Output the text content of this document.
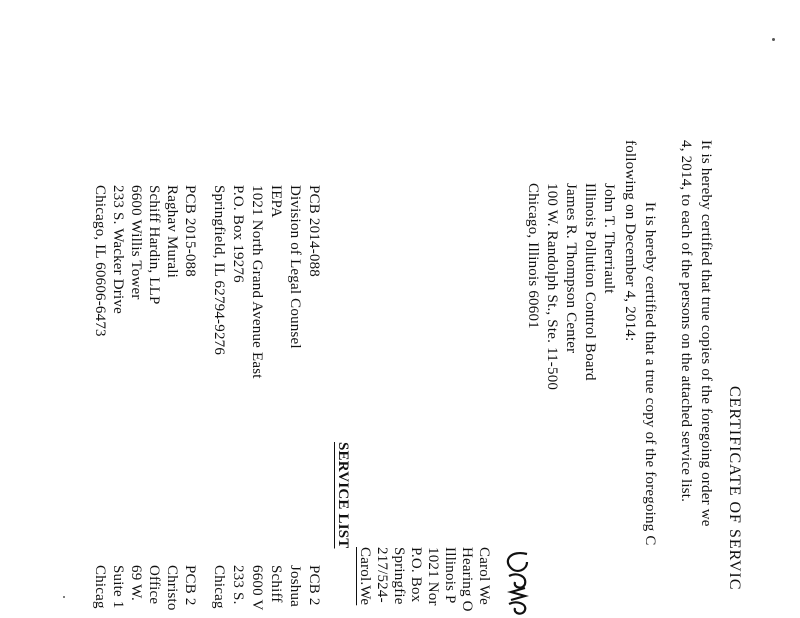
CERTIFICATE OF SERVIC
It is hereby certified that true copies of the foregoing order we
4, 2014, to each of the persons on the attached service list.
It is hereby certified that a true copy of the foregoing C
following on December 4, 2014:
John T. Therriault
Illinois Pollution Control Board
James R. Thompson Center
100 W. Randolph St., Ste. 11-500
Chicago, Illinois 60601
Carol We
Hearing O
Illinois P
1021 Nor
P.O. Box
Springfie
217/524-
Carol.We
SERVICE LIST
PCB 2014-088
Division of Legal Counsel
IEPA
1021 North Grand Avenue East
P.O. Box 19276
Springfield, IL 62794-9276
PCB 2015-088
Raghav Murali
Schiff Hardin, LLP
6600 Willis Tower
233 S. Wacker Drive
Chicago, IL 60606-6473
PCB 2
Joshua
Schiff
6600 V
233 S.
Chicag
PCB 2
Christo
Office
69 W.
Suite 1
Chicag
